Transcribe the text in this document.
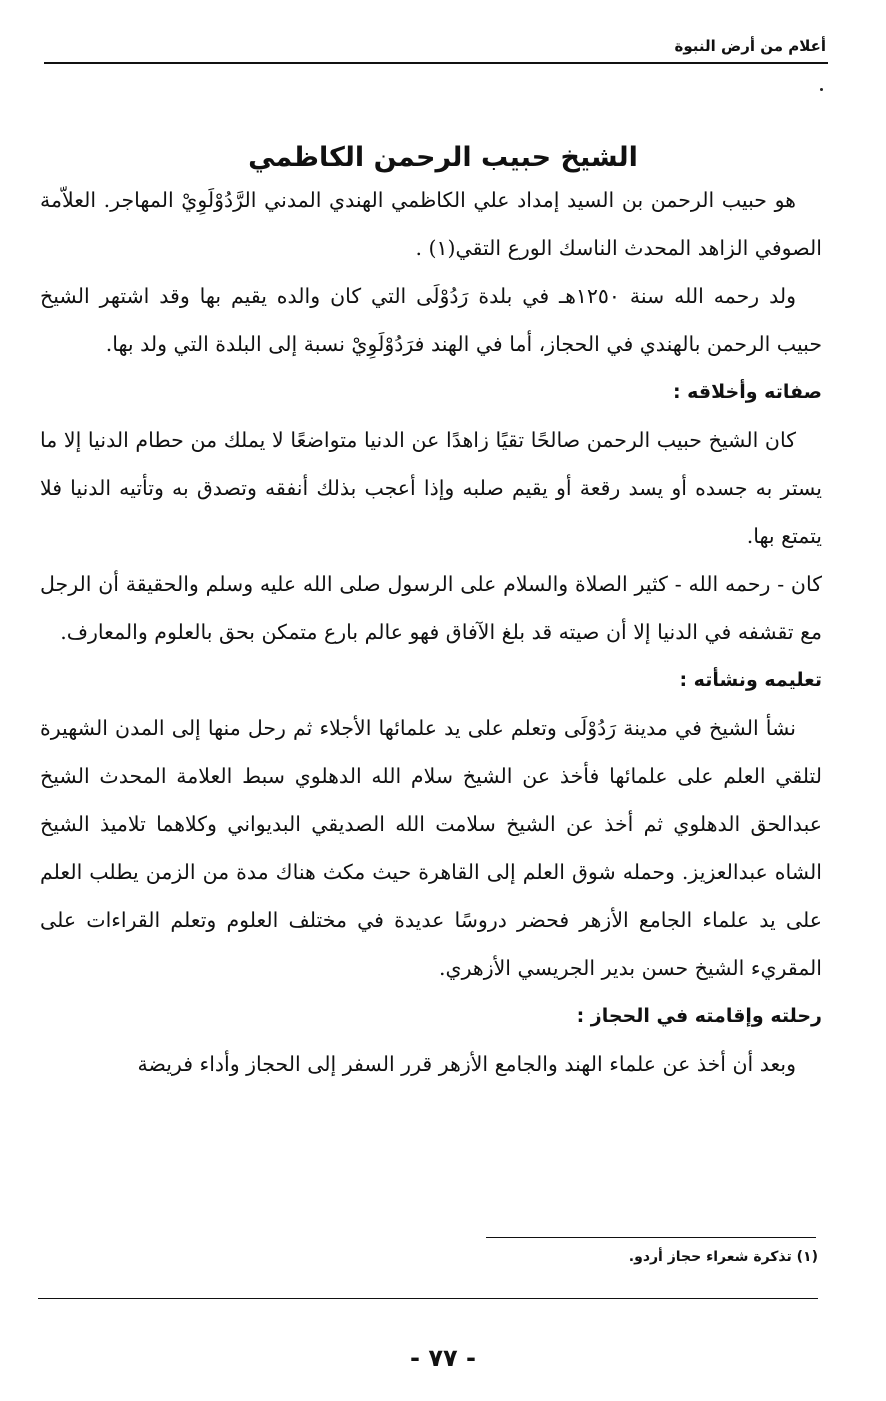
أعلام من أرض النبوة
الشيخ حبيب الرحمن الكاظمي

هو حبيب الرحمن بن السيد إمداد علي الكاظمي الهندي المدني الرَّدُوْلَوِيْ المهاجر. العلاّمة الصوفي الزاهد المحدث الناسك الورع التقي(١) .

ولد رحمه الله سنة ١٢٥٠هـ في بلدة رَدُوْلَى التي كان والده يقيم بها وقد اشتهر الشيخ حبيب الرحمن بالهندي في الحجاز، أما في الهند فرَدُوْلَوِيْ نسبة إلى البلدة التي ولد بها.

صفاته وأخلاقه :

كان الشيخ حبيب الرحمن صالحًا تقيًا زاهدًا عن الدنيا متواضعًا لا يملك من حطام الدنيا إلا ما يستر به جسده أو يسد رقعة أو يقيم صلبه وإذا أعجب بذلك أنفقه وتصدق به وتأتيه الدنيا فلا يتمتع بها.

كان - رحمه الله - كثير الصلاة والسلام على الرسول صلى الله عليه وسلم والحقيقة أن الرجل مع تقشفه في الدنيا إلا أن صيته قد بلغ الآفاق فهو عالم بارع متمكن بحق بالعلوم والمعارف.

تعليمه ونشأته :

نشأ الشيخ في مدينة رَدُوْلَى وتعلم على يد علمائها الأجلاء ثم رحل منها إلى المدن الشهيرة لتلقي العلم على علمائها فأخذ عن الشيخ سلام الله الدهلوي سبط العلامة المحدث الشيخ عبدالحق الدهلوي ثم أخذ عن الشيخ سلامت الله الصديقي البديواني وكلاهما تلاميذ الشيخ الشاه عبدالعزيز. وحمله شوق العلم إلى القاهرة حيث مكث هناك مدة من الزمن يطلب العلم على يد علماء الجامع الأزهر فحضر دروسًا عديدة في مختلف العلوم وتعلم القراءات على المقريء الشيخ حسن بدير الجريسي الأزهري.

رحلته وإقامته في الحجاز :

وبعد أن أخذ عن علماء الهند والجامع الأزهر قرر السفر إلى الحجاز وأداء فريضة

(١) تذكرة شعراء حجاز أردو.
- ٧٧ -
